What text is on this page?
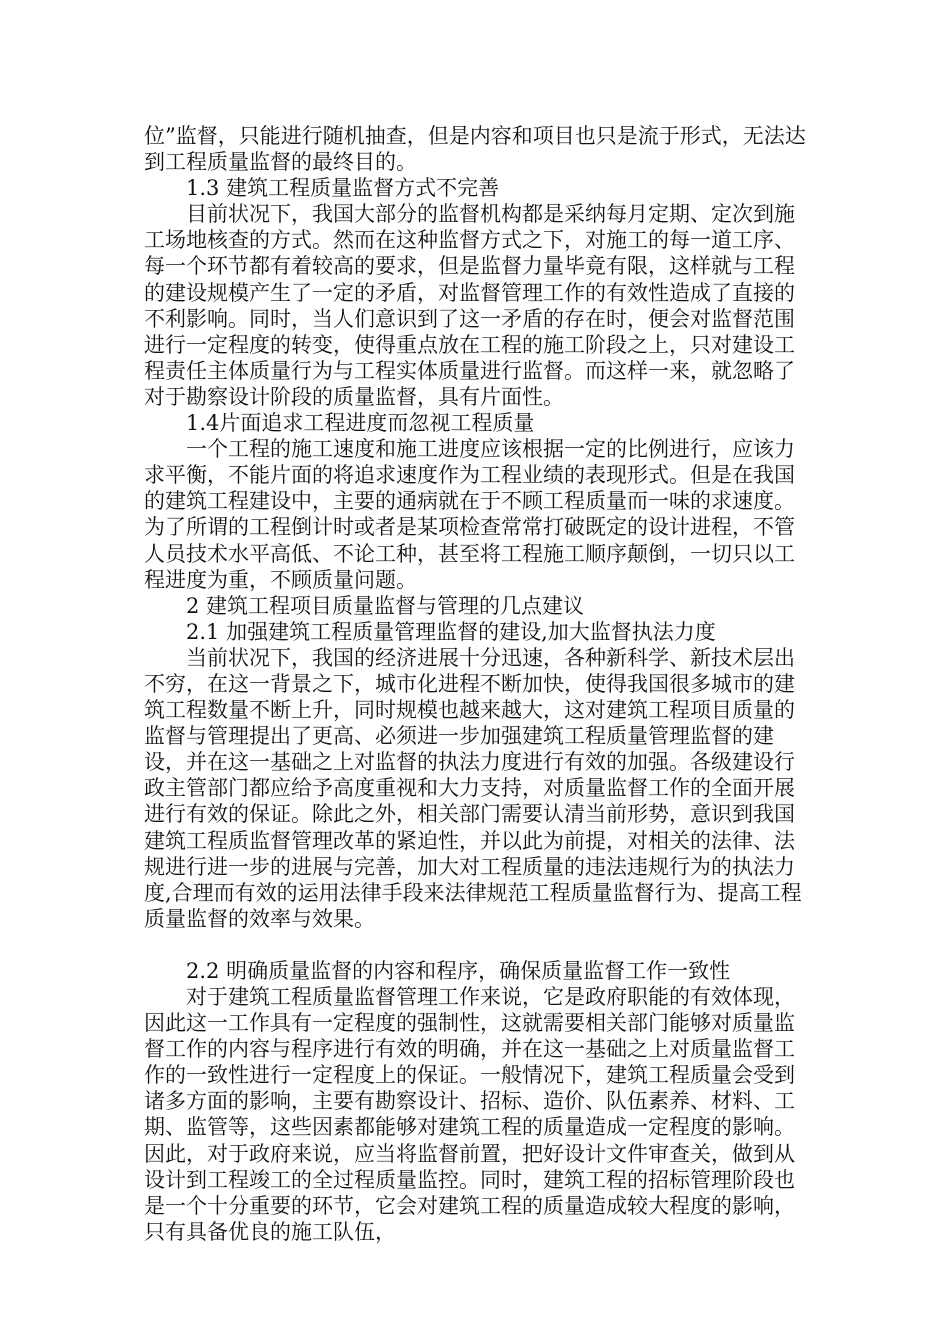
位”监督，只能进行随机抽查，但是内容和项目也只是流于形式，无法达到工程质量监督的最终目的。

1.3 建筑工程质量监督方式不完善

目前状况下，我国大部分的监督机构都是采纳每月定期、定次到施工场地核查的方式。然而在这种监督方式之下，对施工的每一道工序、每一个环节都有着较高的要求，但是监督力量毕竟有限，这样就与工程的建设规模产生了一定的矛盾，对监督管理工作的有效性造成了直接的不利影响。同时，当人们意识到了这一矛盾的存在时，便会对监督范围进行一定程度的转变，使得重点放在工程的施工阶段之上，只对建设工程责任主体质量行为与工程实体质量进行监督。而这样一来，就忽略了对于勘察设计阶段的质量监督，具有片面性。

1.4片面追求工程进度而忽视工程质量

一个工程的施工速度和施工进度应该根据一定的比例进行，应该力求平衡，不能片面的将追求速度作为工程业绩的表现形式。但是在我国的建筑工程建设中，主要的通病就在于不顾工程质量而一味的求速度。为了所谓的工程倒计时或者是某项检查常常打破既定的设计进程，不管人员技术水平高低、不论工种，甚至将工程施工顺序颠倒，一切只以工程进度为重，不顾质量问题。

2 建筑工程项目质量监督与管理的几点建议

2.1 加强建筑工程质量管理监督的建设,加大监督执法力度

当前状况下，我国的经济进展十分迅速，各种新科学、新技术层出不穷，在这一背景之下，城市化进程不断加快，使得我国很多城市的建筑工程数量不断上升，同时规模也越来越大，这对建筑工程项目质量的监督与管理提出了更高、必须进一步加强建筑工程质量管理监督的建设，并在这一基础之上对监督的执法力度进行有效的加强。各级建设行政主管部门都应给予高度重视和大力支持，对质量监督工作的全面开展进行有效的保证。除此之外，相关部门需要认清当前形势，意识到我国建筑工程质监督管理改革的紧迫性，并以此为前提，对相关的法律、法规进行进一步的进展与完善，加大对工程质量的违法违规行为的执法力度,合理而有效的运用法律手段来法律规范工程质量监督行为、提高工程质量监督的效率与效果。

2.2 明确质量监督的内容和程序，确保质量监督工作一致性

对于建筑工程质量监督管理工作来说，它是政府职能的有效体现，因此这一工作具有一定程度的强制性，这就需要相关部门能够对质量监督工作的内容与程序进行有效的明确，并在这一基础之上对质量监督工作的一致性进行一定程度上的保证。一般情况下，建筑工程质量会受到诸多方面的影响，主要有勘察设计、招标、造价、队伍素养、材料、工期、监管等，这些因素都能够对建筑工程的质量造成一定程度的影响。因此，对于政府来说，应当将监督前置，把好设计文件审查关，做到从设计到工程竣工的全过程质量监控。同时，建筑工程的招标管理阶段也是一个十分重要的环节，它会对建筑工程的质量造成较大程度的影响，只有具备优良的施工队伍，
